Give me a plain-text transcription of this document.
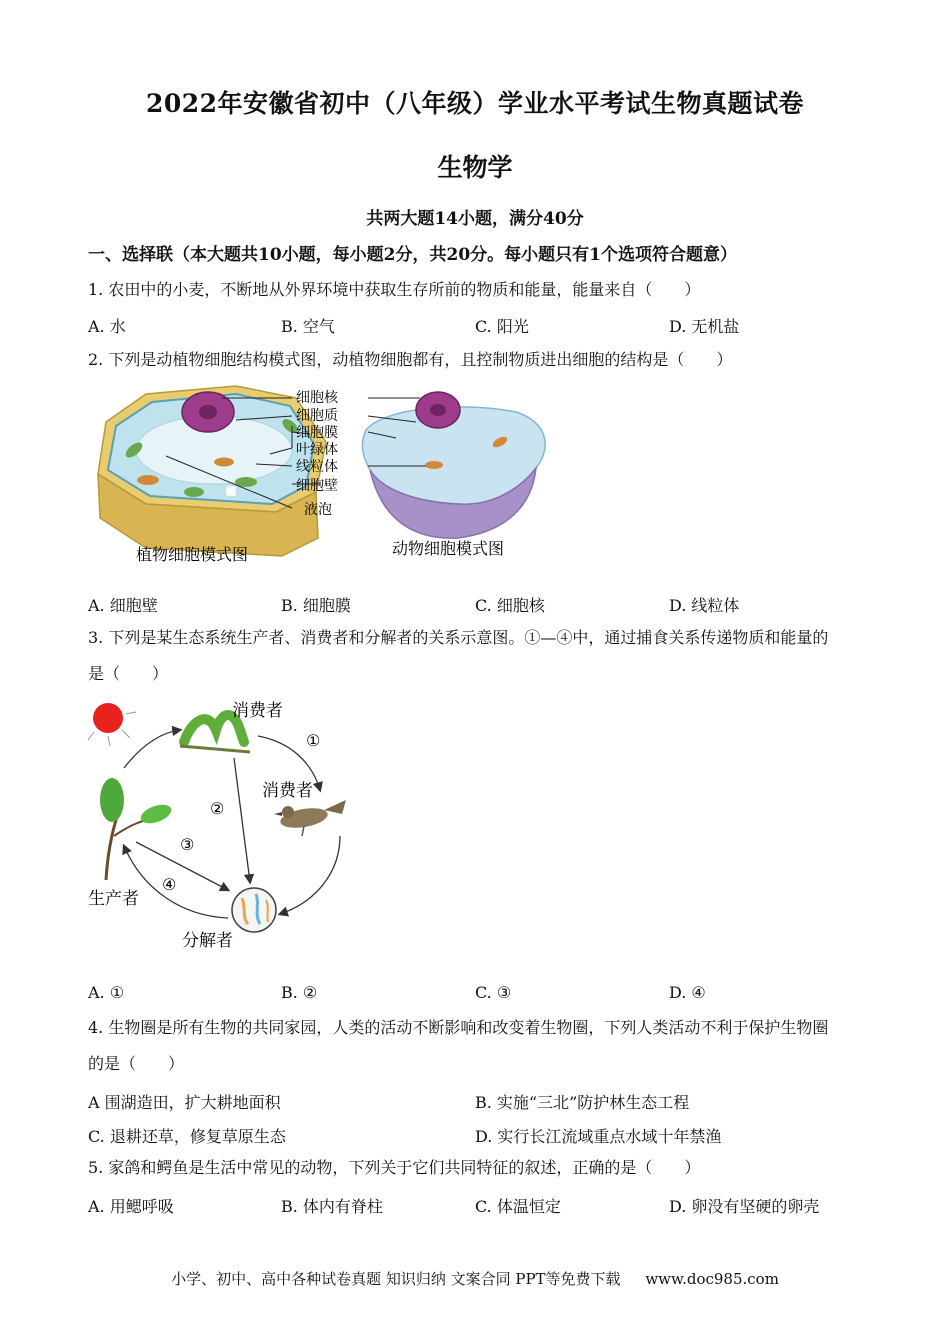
2022年安徽省初中（八年级）学业水平考试生物真题试卷
生物学
共两大题14小题，满分40分
一、选择联（本大题共10小题，每小题2分，共20分。每小题只有1个选项符合题意）
1. 农田中的小麦，不断地从外界环境中获取生存所前的物质和能量，能量来自（　　）
A. 水	B. 空气	C. 阳光	D. 无机盐
2. 下列是动植物细胞结构模式图，动植物细胞都有，且控制物质进出细胞的结构是（　　）
细胞核
细胞质
细胞膜
叶绿体
线粒体
细胞壁
液泡
植物细胞模式图	动物细胞模式图
A. 细胞壁	B. 细胞膜	C. 细胞核	D. 线粒体
3. 下列是某生态系统生产者、消费者和分解者的关系示意图。①—④中，通过捕食关系传递物质和能量的
是（　　）
消费者
消费者
生产者
分解者
①
②
③
④
A. ①	B. ②	C. ③	D. ④
4. 生物圈是所有生物的共同家园，人类的活动不断影响和改变着生物圈，下列人类活动不利于保护生物圈
的是（　　）
A 围湖造田，扩大耕地面积	B. 实施“三北”防护林生态工程
C. 退耕还草，修复草原生态	D. 实行长江流域重点水域十年禁渔
5. 家鸽和鳄鱼是生活中常见的动物，下列关于它们共同特征的叙述，正确的是（　　）
A. 用鳃呼吸	B. 体内有脊柱	C. 体温恒定	D. 卵没有坚硬的卵壳
小学、初中、高中各种试卷真题 知识归纳 文案合同 PPT等免费下载 www.doc985.com
